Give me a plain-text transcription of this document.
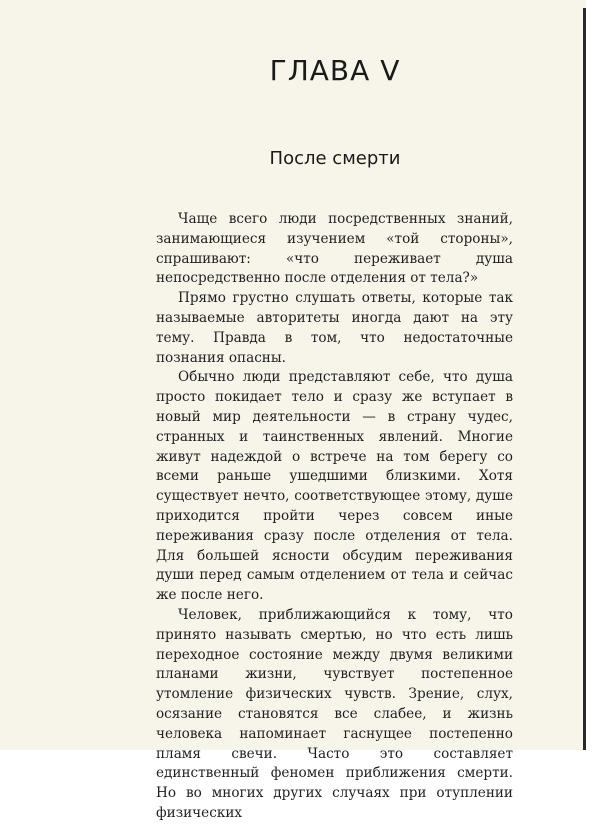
ГЛАВА V
После смерти

Чаще всего люди посредственных знаний, занимающиеся изучением «той стороны», спрашивают: «что переживает душа непосредственно после отделения от тела?»

Прямо грустно слушать ответы, которые так называемые авторитеты иногда дают на эту тему. Правда в том, что недостаточные познания опасны.

Обычно люди представляют себе, что душа просто покидает тело и сразу же вступает в новый мир деятельности — в страну чудес, странных и таинственных явлений. Многие живут надеждой о встрече на том берегу со всеми раньше ушедшими близкими. Хотя существует нечто, соответствующее этому, душе приходится пройти через совсем иные переживания сразу после отделения от тела. Для большей ясности обсудим переживания души перед самым отделением от тела и сейчас же после него.

Человек, приближающийся к тому, что принято называть смертью, но что есть лишь переходное состояние между двумя великими планами жизни, чувствует постепенное утомление физических чувств. Зрение, слух, осязание становятся все слабее, и жизнь человека напоминает гаснущее постепенно пламя свечи. Часто это составляет единственный феномен приближения смерти. Но во многих других случаях при отуплении физических
